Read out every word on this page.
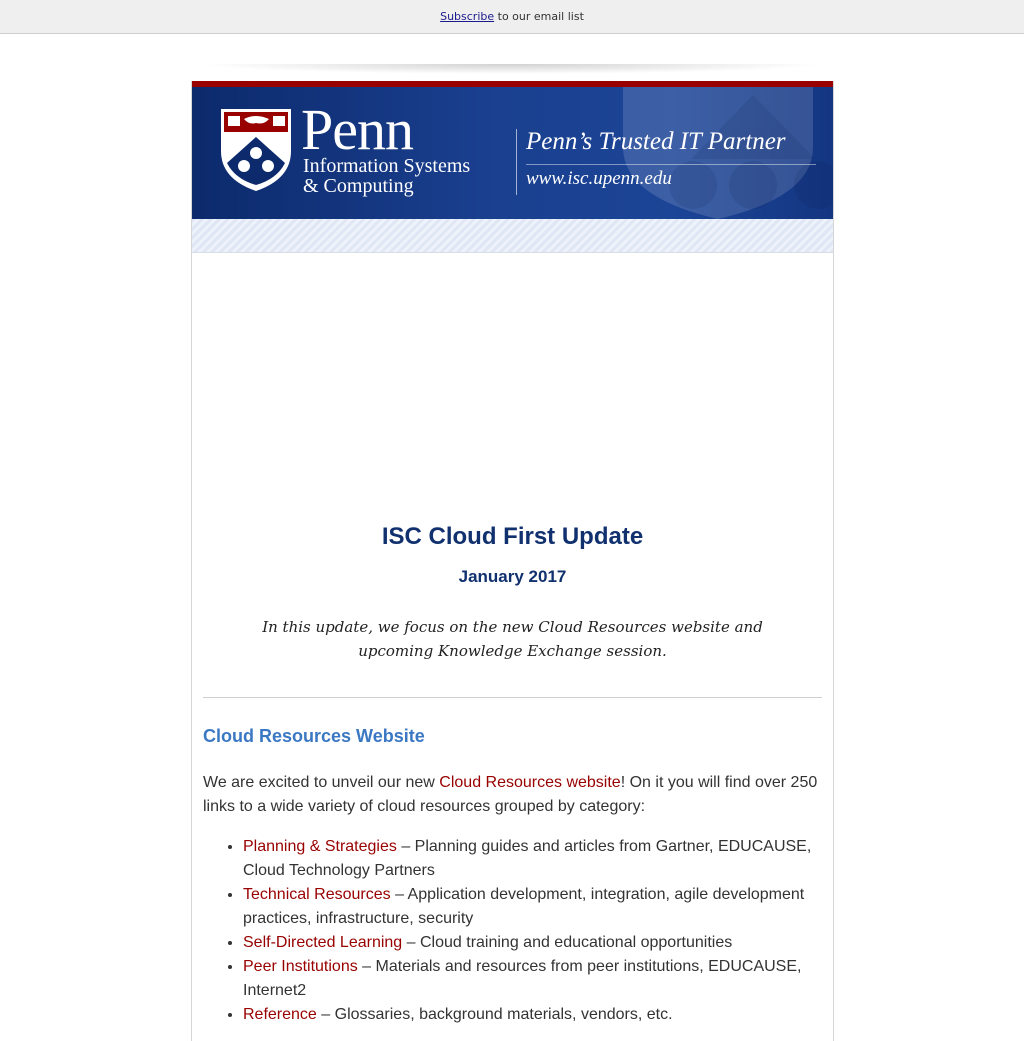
Subscribe to our email list
Penn
Information Systems
& Computing
Penn’s Trusted IT Partner
www.isc.upenn.edu
ISC Cloud First Update
January 2017
In this update, we focus on the new Cloud Resources website and upcoming Knowledge Exchange session.
Cloud Resources Website
We are excited to unveil our new Cloud Resources website! On it you will find over 250 links to a wide variety of cloud resources grouped by category:
• Planning & Strategies – Planning guides and articles from Gartner, EDUCAUSE, Cloud Technology Partners
• Technical Resources – Application development, integration, agile development practices, infrastructure, security
• Self-Directed Learning – Cloud training and educational opportunities
• Peer Institutions – Materials and resources from peer institutions, EDUCAUSE, Internet2
• Reference – Glossaries, background materials, vendors, etc.
